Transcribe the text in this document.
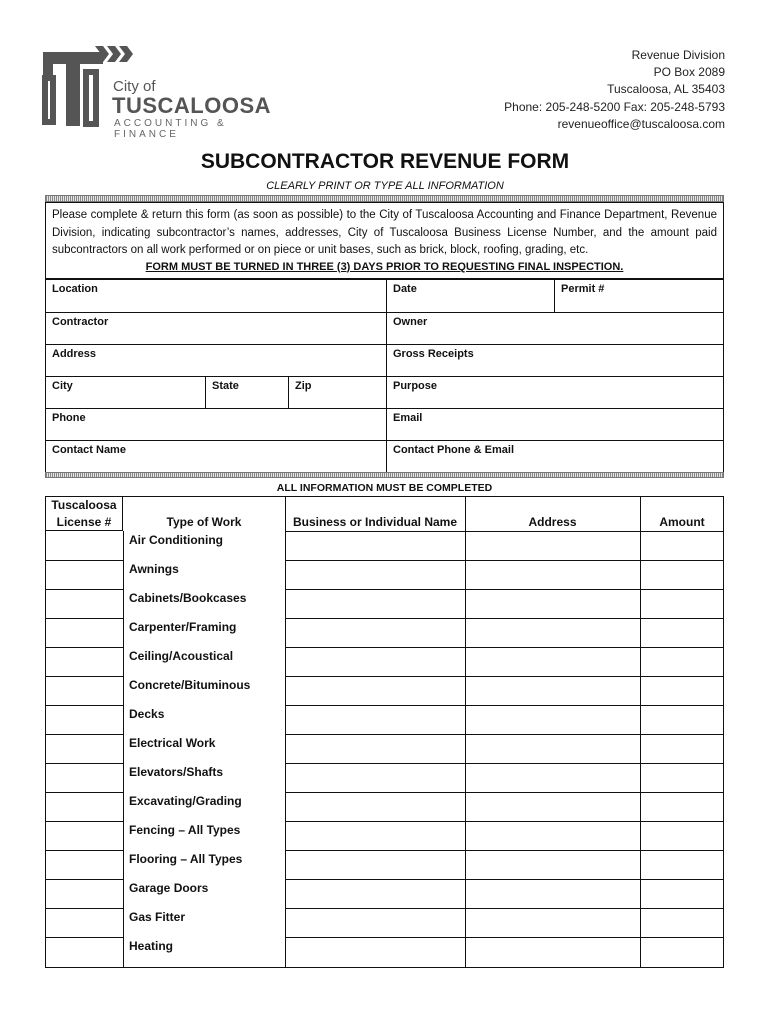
City of
TUSCALOOSA
ACCOUNTING & FINANCE
Revenue Division
PO Box 2089
Tuscaloosa, AL 35403
Phone: 205-248-5200 Fax: 205-248-5793
revenueoffice@tuscaloosa.com
SUBCONTRACTOR REVENUE FORM
CLEARLY PRINT OR TYPE ALL INFORMATION
Please complete & return this form (as soon as possible) to the City of Tuscaloosa Accounting and Finance Department, Revenue Division, indicating subcontractor’s names, addresses, City of Tuscaloosa Business License Number, and the amount paid subcontractors on all work performed or on piece or unit bases, such as brick, block, roofing, grading, etc.
FORM MUST BE TURNED IN THREE (3) DAYS PRIOR TO REQUESTING FINAL INSPECTION.
Location	Date	Permit #
Contractor	Owner
Address	Gross Receipts
City	State	Zip	Purpose
Phone	Email
Contact Name	Contact Phone & Email
ALL INFORMATION MUST BE COMPLETED
Tuscaloosa
License #	Type of Work	Business or Individual Name	Address	Amount
Air Conditioning
Awnings
Cabinets/Bookcases
Carpenter/Framing
Ceiling/Acoustical
Concrete/Bituminous
Decks
Electrical Work
Elevators/Shafts
Excavating/Grading
Fencing – All Types
Flooring – All Types
Garage Doors
Gas Fitter
Heating
